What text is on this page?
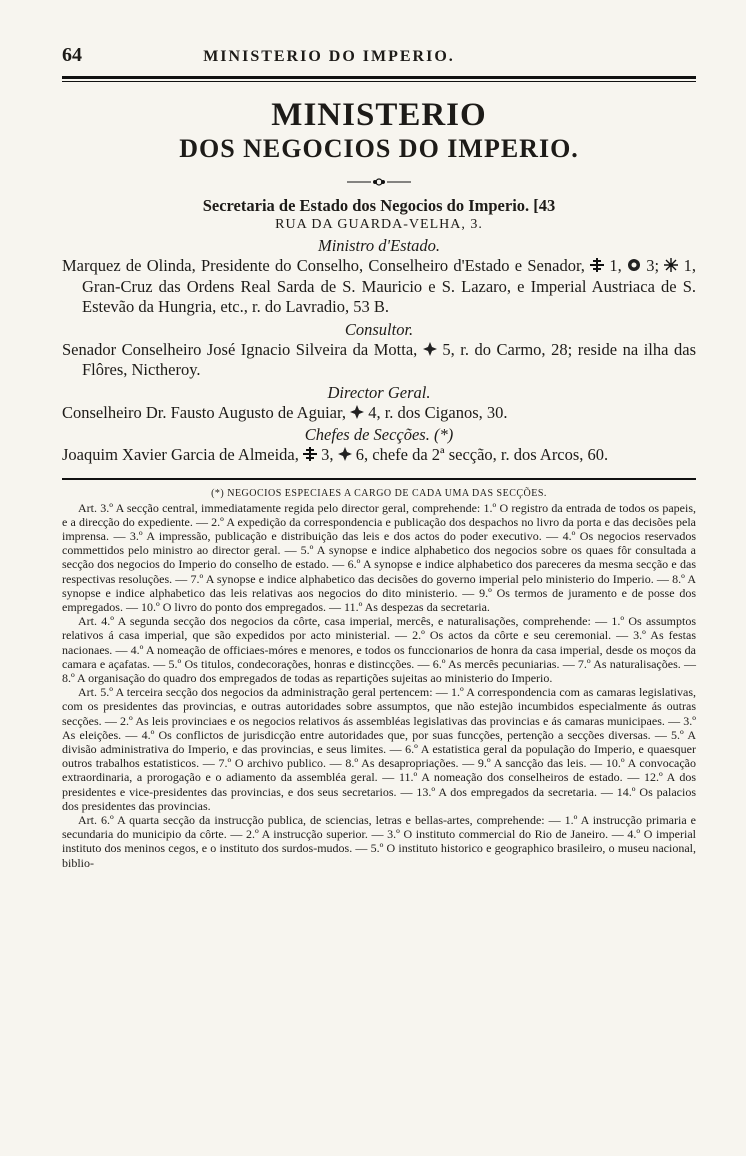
64	MINISTERIO DO IMPERIO.
MINISTERIO
DOS NEGOCIOS DO IMPERIO.
Secretaria de Estado dos Negocios do Imperio. [43
RUA DA GUARDA-VELHA, 3.
Ministro d'Estado.
Marquez de Olinda, Presidente do Conselho, Conselheiro d'Estado e Senador, 1, 3; 1, Gran-Cruz das Ordens Real Sarda de S. Mauricio e S. Lazaro, e Imperial Austriaca de S. Estevão da Hungria, etc., r. do Lavradio, 53 B.
Consultor.
Senador Conselheiro José Ignacio Silveira da Motta, 5, r. do Carmo, 28; reside na ilha das Flôres, Nictheroy.
Director Geral.
Conselheiro Dr. Fausto Augusto de Aguiar, 4, r. dos Ciganos, 30.
Chefes de Secções. (*)
Joaquim Xavier Garcia de Almeida, 3, 6, chefe da 2ª secção, r. dos Arcos, 60.
(*) NEGOCIOS ESPECIAES A CARGO DE CADA UMA DAS SECÇÕES.

Art. 3.º A secção central, immediatamente regida pelo director geral, comprehende: 1.º O registro da entrada de todos os papeis, e a direcção do expediente. — 2.º A expedição da correspondencia e publicação dos despachos no livro da porta e das decisões pela imprensa. — 3.º A impressão, publicação e distribuição das leis e dos actos do poder executivo. — 4.º Os negocios reservados commettidos pelo ministro ao director geral. — 5.º A synopse e indice alphabetico dos negocios sobre os quaes fôr consultada a secção dos negocios do Imperio do conselho de estado. — 6.º A synopse e indice alphabetico dos pareceres da mesma secção e das respectivas resoluções. — 7.º A synopse e indice alphabetico das decisões do governo imperial pelo ministerio do Imperio. — 8.º A synopse e indice alphabetico das leis relativas aos negocios do dito ministerio. — 9.º Os termos de juramento e de posse dos empregados. — 10.º O livro do ponto dos empregados. — 11.º As despezas da secretaria.

Art. 4.º A segunda secção dos negocios da côrte, casa imperial, mercês, e naturalisações, comprehende: — 1.º Os assumptos relativos á casa imperial, que são expedidos por acto ministerial. — 2.º Os actos da côrte e seu ceremonial. — 3.º As festas nacionaes. — 4.º A nomeação de officiaes-móres e menores, e todos os funccionarios de honra da casa imperial, desde os moços da camara e açafatas. — 5.º Os titulos, condecorações, honras e distincções. — 6.º As mercês pecuniarias. — 7.º As naturalisações. — 8.º A organisação do quadro dos empregados de todas as repartições sujeitas ao ministerio do Imperio.

Art. 5.º A terceira secção dos negocios da administração geral pertencem: — 1.º A correspondencia com as camaras legislativas, com os presidentes das provincias, e outras autoridades sobre assumptos, que não estejão incumbidos especialmente ás outras secções. — 2.º As leis provinciaes e os negocios relativos ás assembléas legislativas das provincias e ás camaras municipaes. — 3.º As eleições. — 4.º Os conflictos de jurisdicção entre autoridades que, por suas funcções, pertenção a secções diversas. — 5.º A divisão administrativa do Imperio, e das provincias, e seus limites. — 6.º A estatistica geral da população do Imperio, e quaesquer outros trabalhos estatisticos. — 7.º O archivo publico. — 8.º As desapropriações. — 9.º A sancção das leis. — 10.º A convocação extraordinaria, a prorogação e o adiamento da assembléa geral. — 11.º A nomeação dos conselheiros de estado. — 12.º A dos presidentes e vice-presidentes das provincias, e dos seus secretarios. — 13.º A dos empregados da secretaria. — 14.º Os palacios dos presidentes das provincias.

Art. 6.º A quarta secção da instrucção publica, de sciencias, letras e bellas-artes, comprehende: — 1.º A instrucção primaria e secundaria do municipio da côrte. — 2.º A instrucção superior. — 3.º O instituto commercial do Rio de Janeiro. — 4.º O imperial instituto dos meninos cegos, e o instituto dos surdos-mudos. — 5.º O instituto historico e geographico brasileiro, o museu nacional, biblio-
